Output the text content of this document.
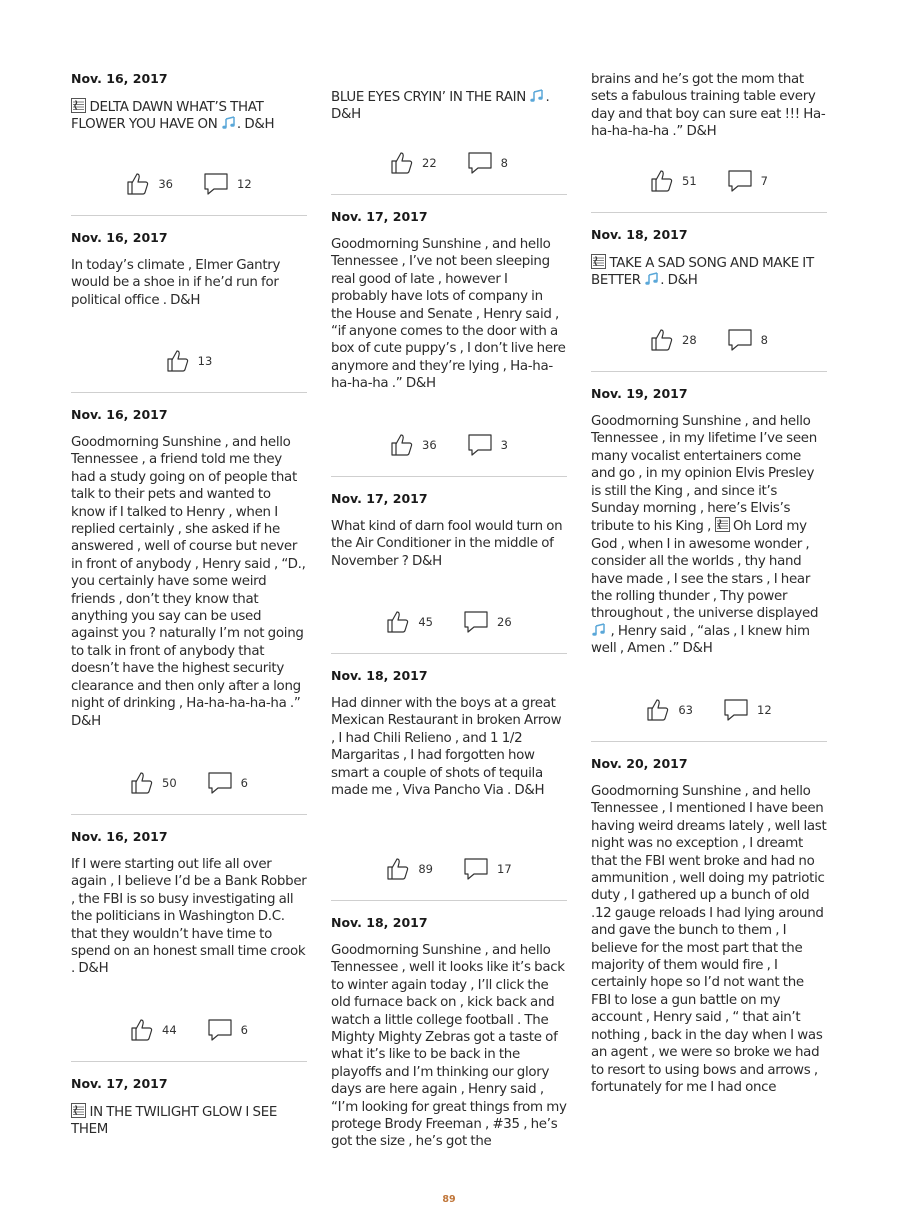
Nov. 16, 2017

DELTA DAWN WHAT’S THAT FLOWER YOU HAVE ON . D&H

36	12
Nov. 16, 2017

In today’s climate , Elmer Gantry would be a shoe in if he’d run for political office . D&H

13
Nov. 16, 2017

Goodmorning Sunshine , and hello Tennessee , a friend told me they had a study going on of people that talk to their pets and wanted to know if I talked to Henry , when I replied certainly , she asked if he answered , well of course but never in front of anybody , Henry said , “D., you certainly have some weird friends , don’t they know that anything you say can be used against you ? naturally I’m not going to talk in front of anybody that doesn’t have the highest security clearance and then only after a long night of drinking , Ha-ha-ha-ha-ha .” D&H

50	6
Nov. 16, 2017

If I were starting out life all over again , I believe I’d be a Bank Robber , the FBI is so busy investigating all the politicians in Washington D.C. that they wouldn’t have time to spend on an honest small time crook . D&H

44	6
Nov. 17, 2017

IN THE TWILIGHT GLOW I SEE THEM

BLUE EYES CRYIN’ IN THE RAIN . D&H

22	8
Nov. 17, 2017

Goodmorning Sunshine , and hello Tennessee , I’ve not been sleeping real good of late , however I probably have lots of company in the House and Senate , Henry said , “if anyone comes to the door with a box of cute puppy’s , I don’t live here anymore and they’re lying , Ha-ha-ha-ha-ha .” D&H

36	3
Nov. 17, 2017

What kind of darn fool would turn on the Air Conditioner in the middle of November ? D&H

45	26
Nov. 18, 2017

Had dinner with the boys at a great Mexican Restaurant in broken Arrow , I had Chili Relieno , and 1 1/2 Margaritas , I had forgotten how smart a couple of shots of tequila made me , Viva Pancho Via . D&H

89	17
Nov. 18, 2017

Goodmorning Sunshine , and hello Tennessee , well it looks like it’s back to winter again today , I’ll click the old furnace back on , kick back and watch a little college football . The Mighty Mighty Zebras got a taste of what it’s like to be back in the playoffs and I’m thinking our glory days are here again , Henry said , “I’m looking for great things from my protege Brody Freeman , #35 , he’s got the size , he’s got the

brains and he’s got the mom that sets a fabulous training table every day and that boy can sure eat !!! Ha-ha-ha-ha-ha .” D&H

51	7
Nov. 18, 2017

TAKE A SAD SONG AND MAKE IT BETTER . D&H

28	8
Nov. 19, 2017

Goodmorning Sunshine , and hello Tennessee , in my lifetime I’ve seen many vocalist entertainers come and go , in my opinion Elvis Presley is still the King , and since it’s Sunday morning , here’s Elvis’s tribute to his King , Oh Lord my God , when I in awesome wonder , consider all the worlds , thy hand have made , I see the stars , I hear the rolling thunder , Thy power throughout , the universe displayed  , Henry said , “alas , I knew him well , Amen .” D&H

63	12
Nov. 20, 2017

Goodmorning Sunshine , and hello Tennessee , I mentioned I have been having weird dreams lately , well last night was no exception , I dreamt that the FBI went broke and had no ammunition , well doing my patriotic duty , I gathered up a bunch of old .12 gauge reloads I had lying around and gave the bunch to them , I believe for the most part that the majority of them would fire , I certainly hope so I’d not want the FBI to lose a gun battle on my account , Henry said , “ that ain’t nothing , back in the day when I was an agent , we were so broke we had to resort to using bows and arrows , fortunately for me I had once

89
